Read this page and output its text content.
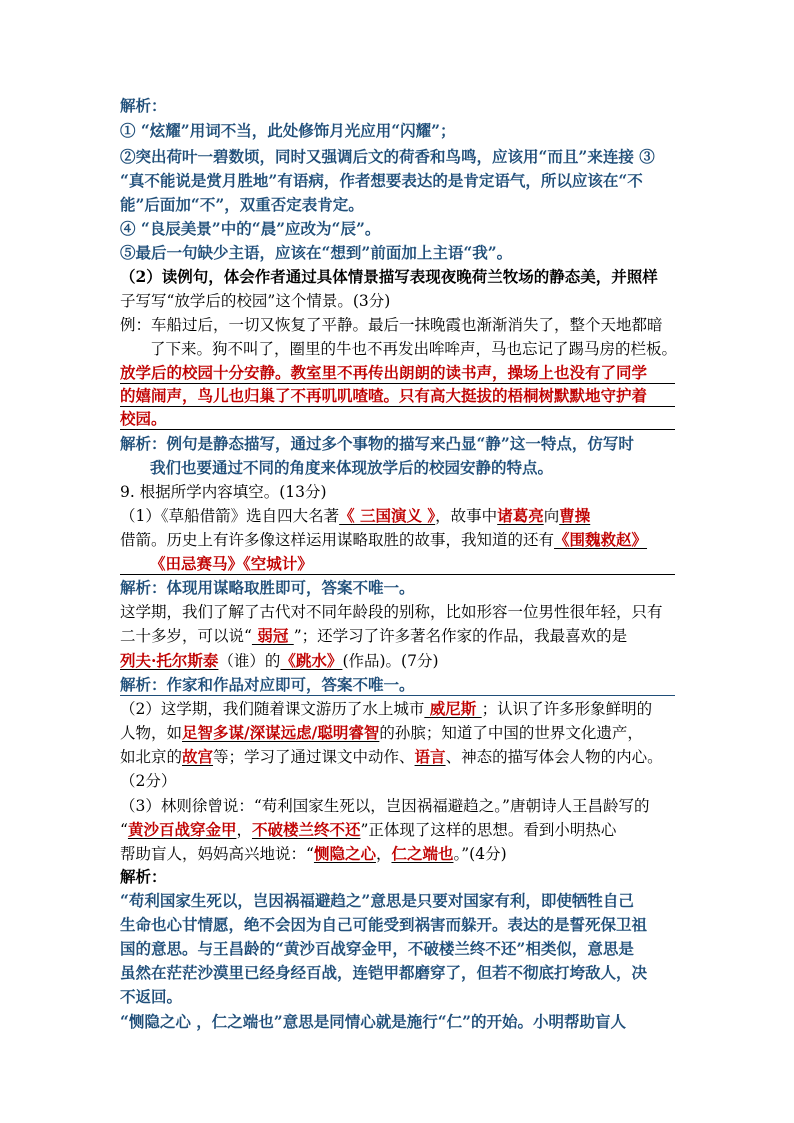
解析：
① “炫耀”用词不当，此处修饰月光应用“闪耀”；
②突出荷叶一碧数顷，同时又强调后文的荷香和鸟鸣，应该用“而且”来连接 ③
“真不能说是赏月胜地”有语病，作者想要表达的是肯定语气，所以应该在“不
能”后面加“不”，双重否定表肯定。
④ “良辰美景”中的“晨”应改为“辰”。
⑤最后一句缺少主语，应该在“想到”前面加上主语“我”。
（2）读例句，体会作者通过具体情景描写表现夜晚荷兰牧场的静态美，并照样
子写写“放学后的校园”这个情景。(3分)
例：车船过后，一切又恢复了平静。最后一抹晚霞也渐渐消失了，整个天地都暗
了下来。狗不叫了，圈里的牛也不再发出哞哞声，马也忘记了踢马房的栏板。
放学后的校园十分安静。教室里不再传出朗朗的读书声，操场上也没有了同学
的嬉闹声，鸟儿也归巢了不再叽叽喳喳。只有高大挺拔的梧桐树默默地守护着
校园。
解析：例句是静态描写，通过多个事物的描写来凸显“静”这一特点，仿写时
我们也要通过不同的角度来体现放学后的校园安静的特点。
9. 根据所学内容填空。(13分)
（1）《草船借箭》选自四大名著《 三国演义 》，故事中诸葛亮向曹操
借箭。历史上有许多像这样运用谋略取胜的故事，我知道的还有《围魏救赵》
《田忌赛马》《空城计》
解析：体现用谋略取胜即可，答案不唯一。
这学期，我们了解了古代对不同年龄段的别称，比如形容一位男性很年轻，只有
二十多岁，可以说“ 弱冠 ”；还学习了许多著名作家的作品，我最喜欢的是
列夫·托尔斯泰（谁）的《跳水》(作品)。(7分)
解析：作家和作品对应即可，答案不唯一。
（2）这学期，我们随着课文游历了水上城市 威尼斯 ；认识了许多形象鲜明的
人物，如足智多谋/深谋远虑/聪明睿智的孙膑；知道了中国的世界文化遗产，
如北京的故宫等；学习了通过课文中动作、语言、神态的描写体会人物的内心。
（2分）
（3）林则徐曾说：“苟利国家生死以，岂因祸福避趋之。”唐朝诗人王昌龄写的
“黄沙百战穿金甲，不破楼兰终不还”正体现了这样的思想。看到小明热心
帮助盲人，妈妈高兴地说：“恻隐之心，仁之端也。”(4分)
解析：
“苟利国家生死以，岂因祸福避趋之”意思是只要对国家有利，即使牺牲自己
生命也心甘情愿，绝不会因为自己可能受到祸害而躲开。表达的是誓死保卫祖
国的意思。与王昌龄的“黄沙百战穿金甲，不破楼兰终不还”相类似，意思是
虽然在茫茫沙漠里已经身经百战，连铠甲都磨穿了，但若不彻底打垮敌人，决
不返回。
“恻隐之心 ，仁之端也”意思是同情心就是施行“仁”的开始。小明帮助盲人
